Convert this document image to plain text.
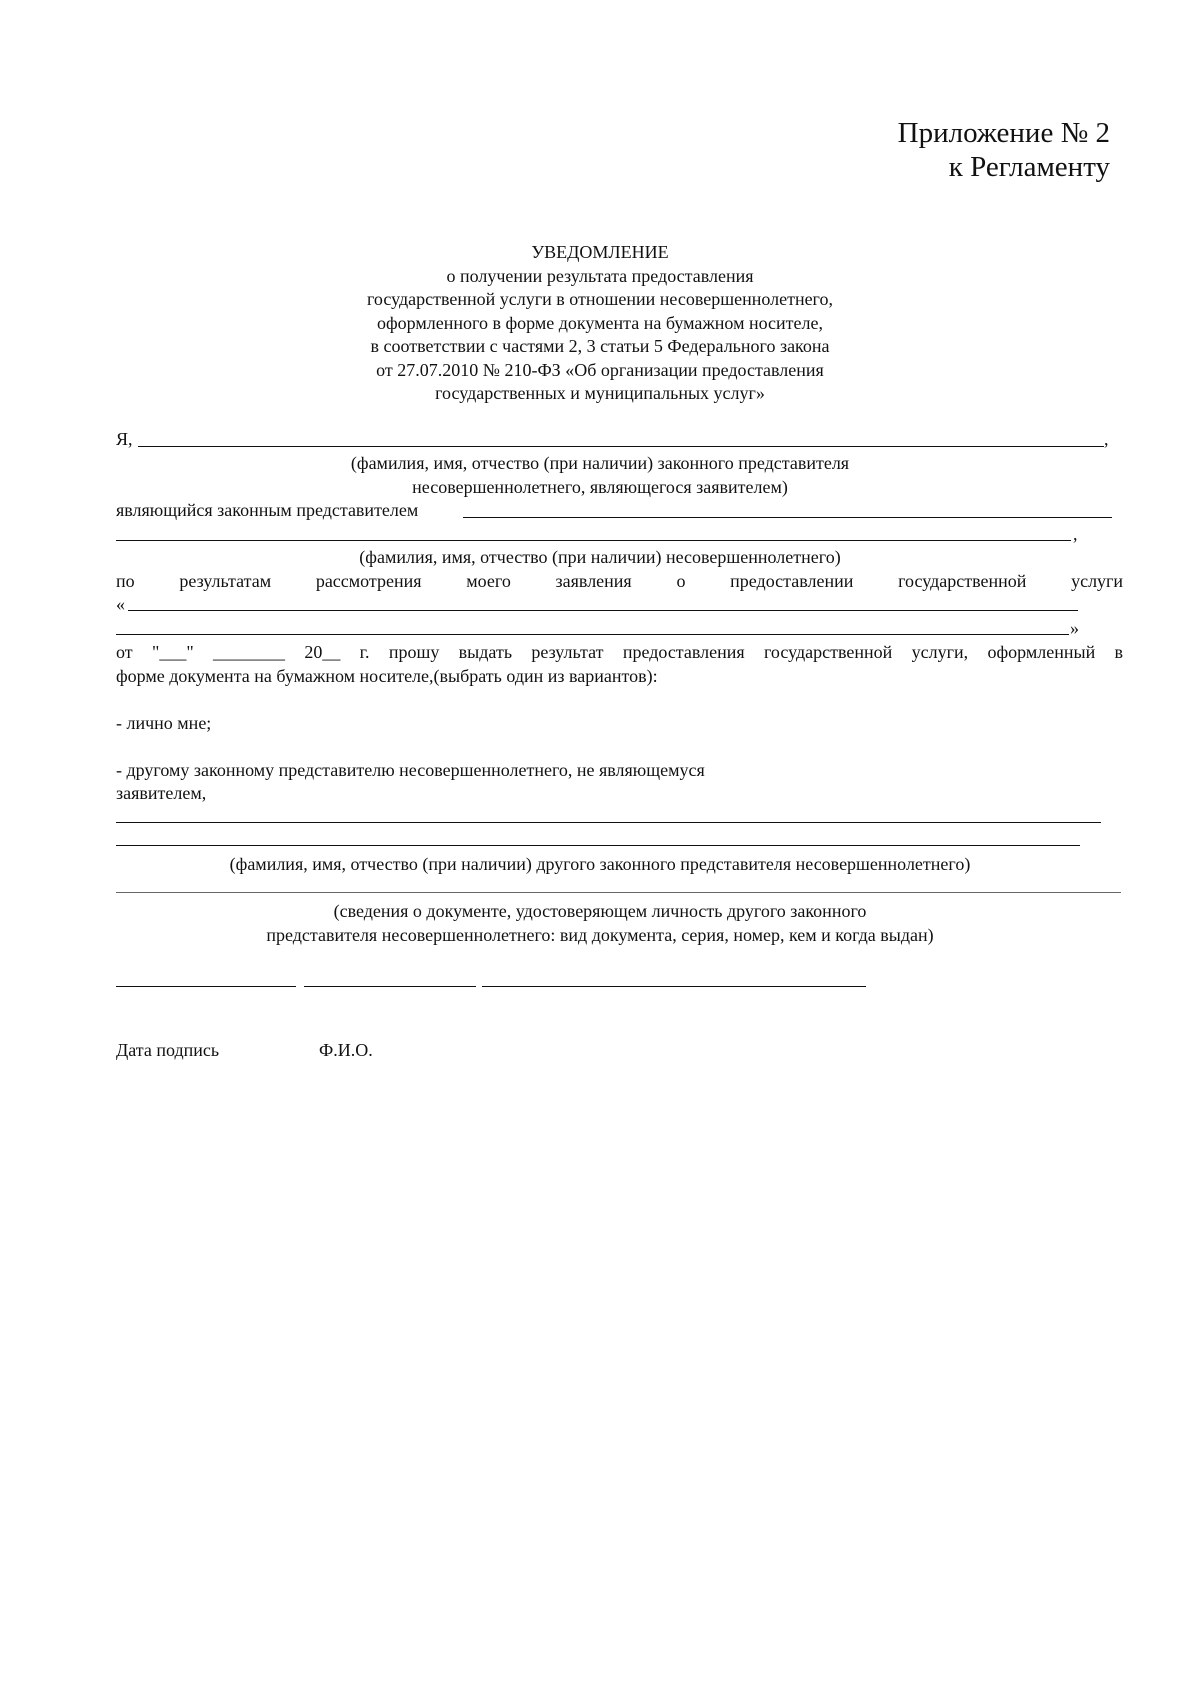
Приложение № 2
к Регламенту
УВЕДОМЛЕНИЕ
о получении результата предоставления
государственной услуги в отношении несовершеннолетнего,
оформленного в форме документа на бумажном носителе,
в соответствии с частями 2, 3 статьи 5 Федерального закона
от 27.07.2010 № 210-ФЗ «Об организации предоставления
государственных и муниципальных услуг»
Я,	,
(фамилия, имя, отчество (при наличии) законного представителя
несовершеннолетнего, являющегося заявителем)
являющийся законным представителем
,
(фамилия, имя, отчество (при наличии) несовершеннолетнего)
по результатам рассмотрения моего заявления о предоставлении государственной услуги
«
»
от "___" ________ 20__ г. прошу выдать результат предоставления государственной услуги, оформленный в
форме документа на бумажном носителе,(выбрать один из вариантов):
- лично мне;
- другому законному представителю несовершеннолетнего, не являющемуся
заявителем,
(фамилия, имя, отчество (при наличии) другого законного представителя несовершеннолетнего)
(сведения о документе, удостоверяющем личность другого законного
представителя несовершеннолетнего: вид документа, серия, номер, кем и когда выдан)
Дата подпись	Ф.И.О.
